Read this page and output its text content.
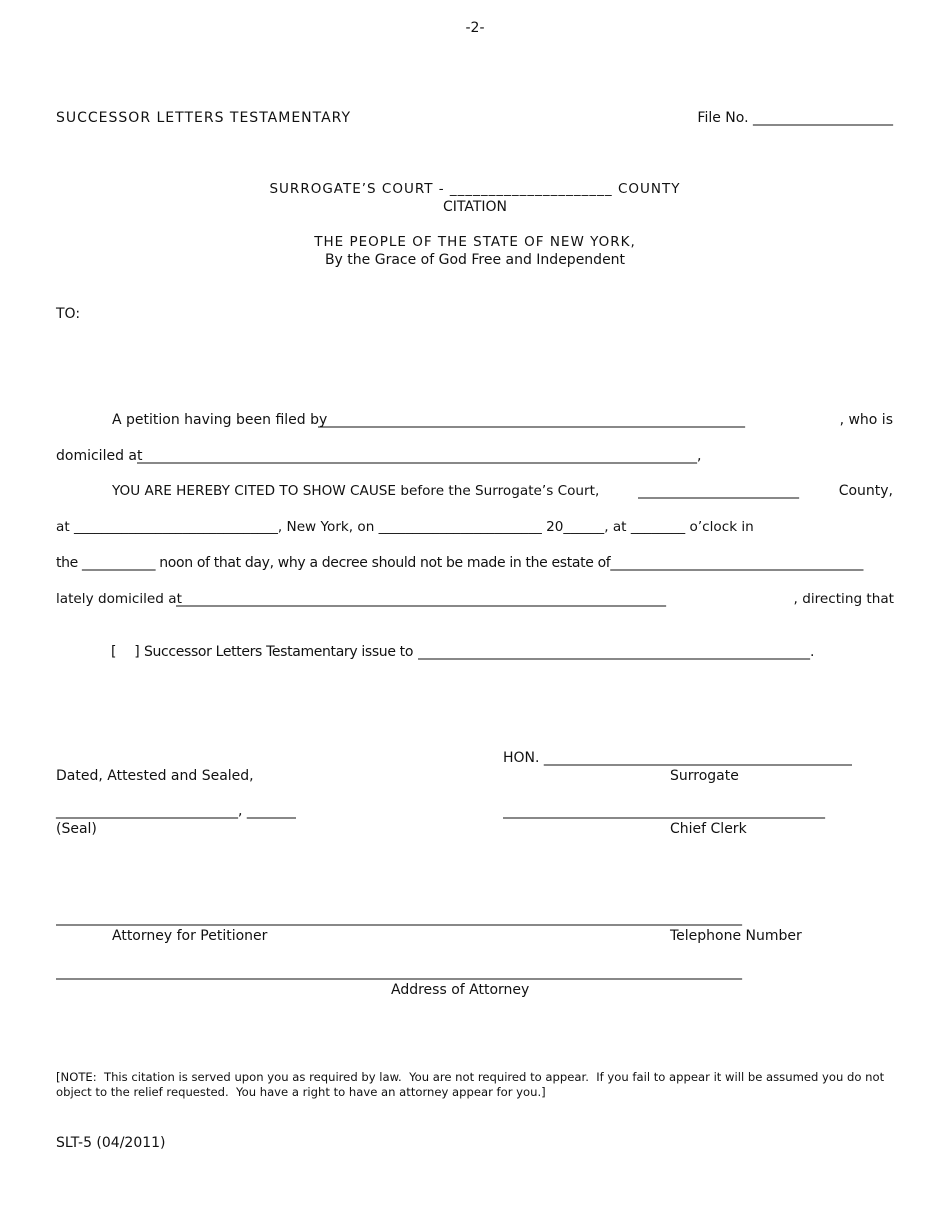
-2-
SUCCESSOR LETTERS TESTAMENTARY	File No. ____________________
SURROGATE’S COURT - _____________________ COUNTY
CITATION
THE PEOPLE OF THE STATE OF NEW YORK,
By the Grace of God Free and Independent
TO:
A petition having been filed by
_____________________________________________________________	, who is
domiciled at
________________________________________________________________________________,
YOU ARE HEREBY CITED TO SHOW CAUSE before the Surrogate’s Court,	_______________________	County,
at ______________________________, New York, on ________________________ 20______, at ________ o’clock in
the ___________ noon of that day, why a decree should not be made in the estate of______________________________________
lately domiciled at
______________________________________________________________________	, directing that
[    ] Successor Letters Testamentary issue to ________________________________________________________.
HON. ____________________________________________
Surrogate
Dated, Attested and Sealed,
__________________________, _______	______________________________________________
(Seal)	Chief Clerk
__________________________________________________________________________________________________
Attorney for Petitioner	Telephone Number
__________________________________________________________________________________________________
Address of Attorney
[NOTE:  This citation is served upon you as required by law.  You are not required to appear.  If you fail to appear it will be assumed you do not
object to the relief requested.  You have a right to have an attorney appear for you.]
SLT-5 (04/2011)
